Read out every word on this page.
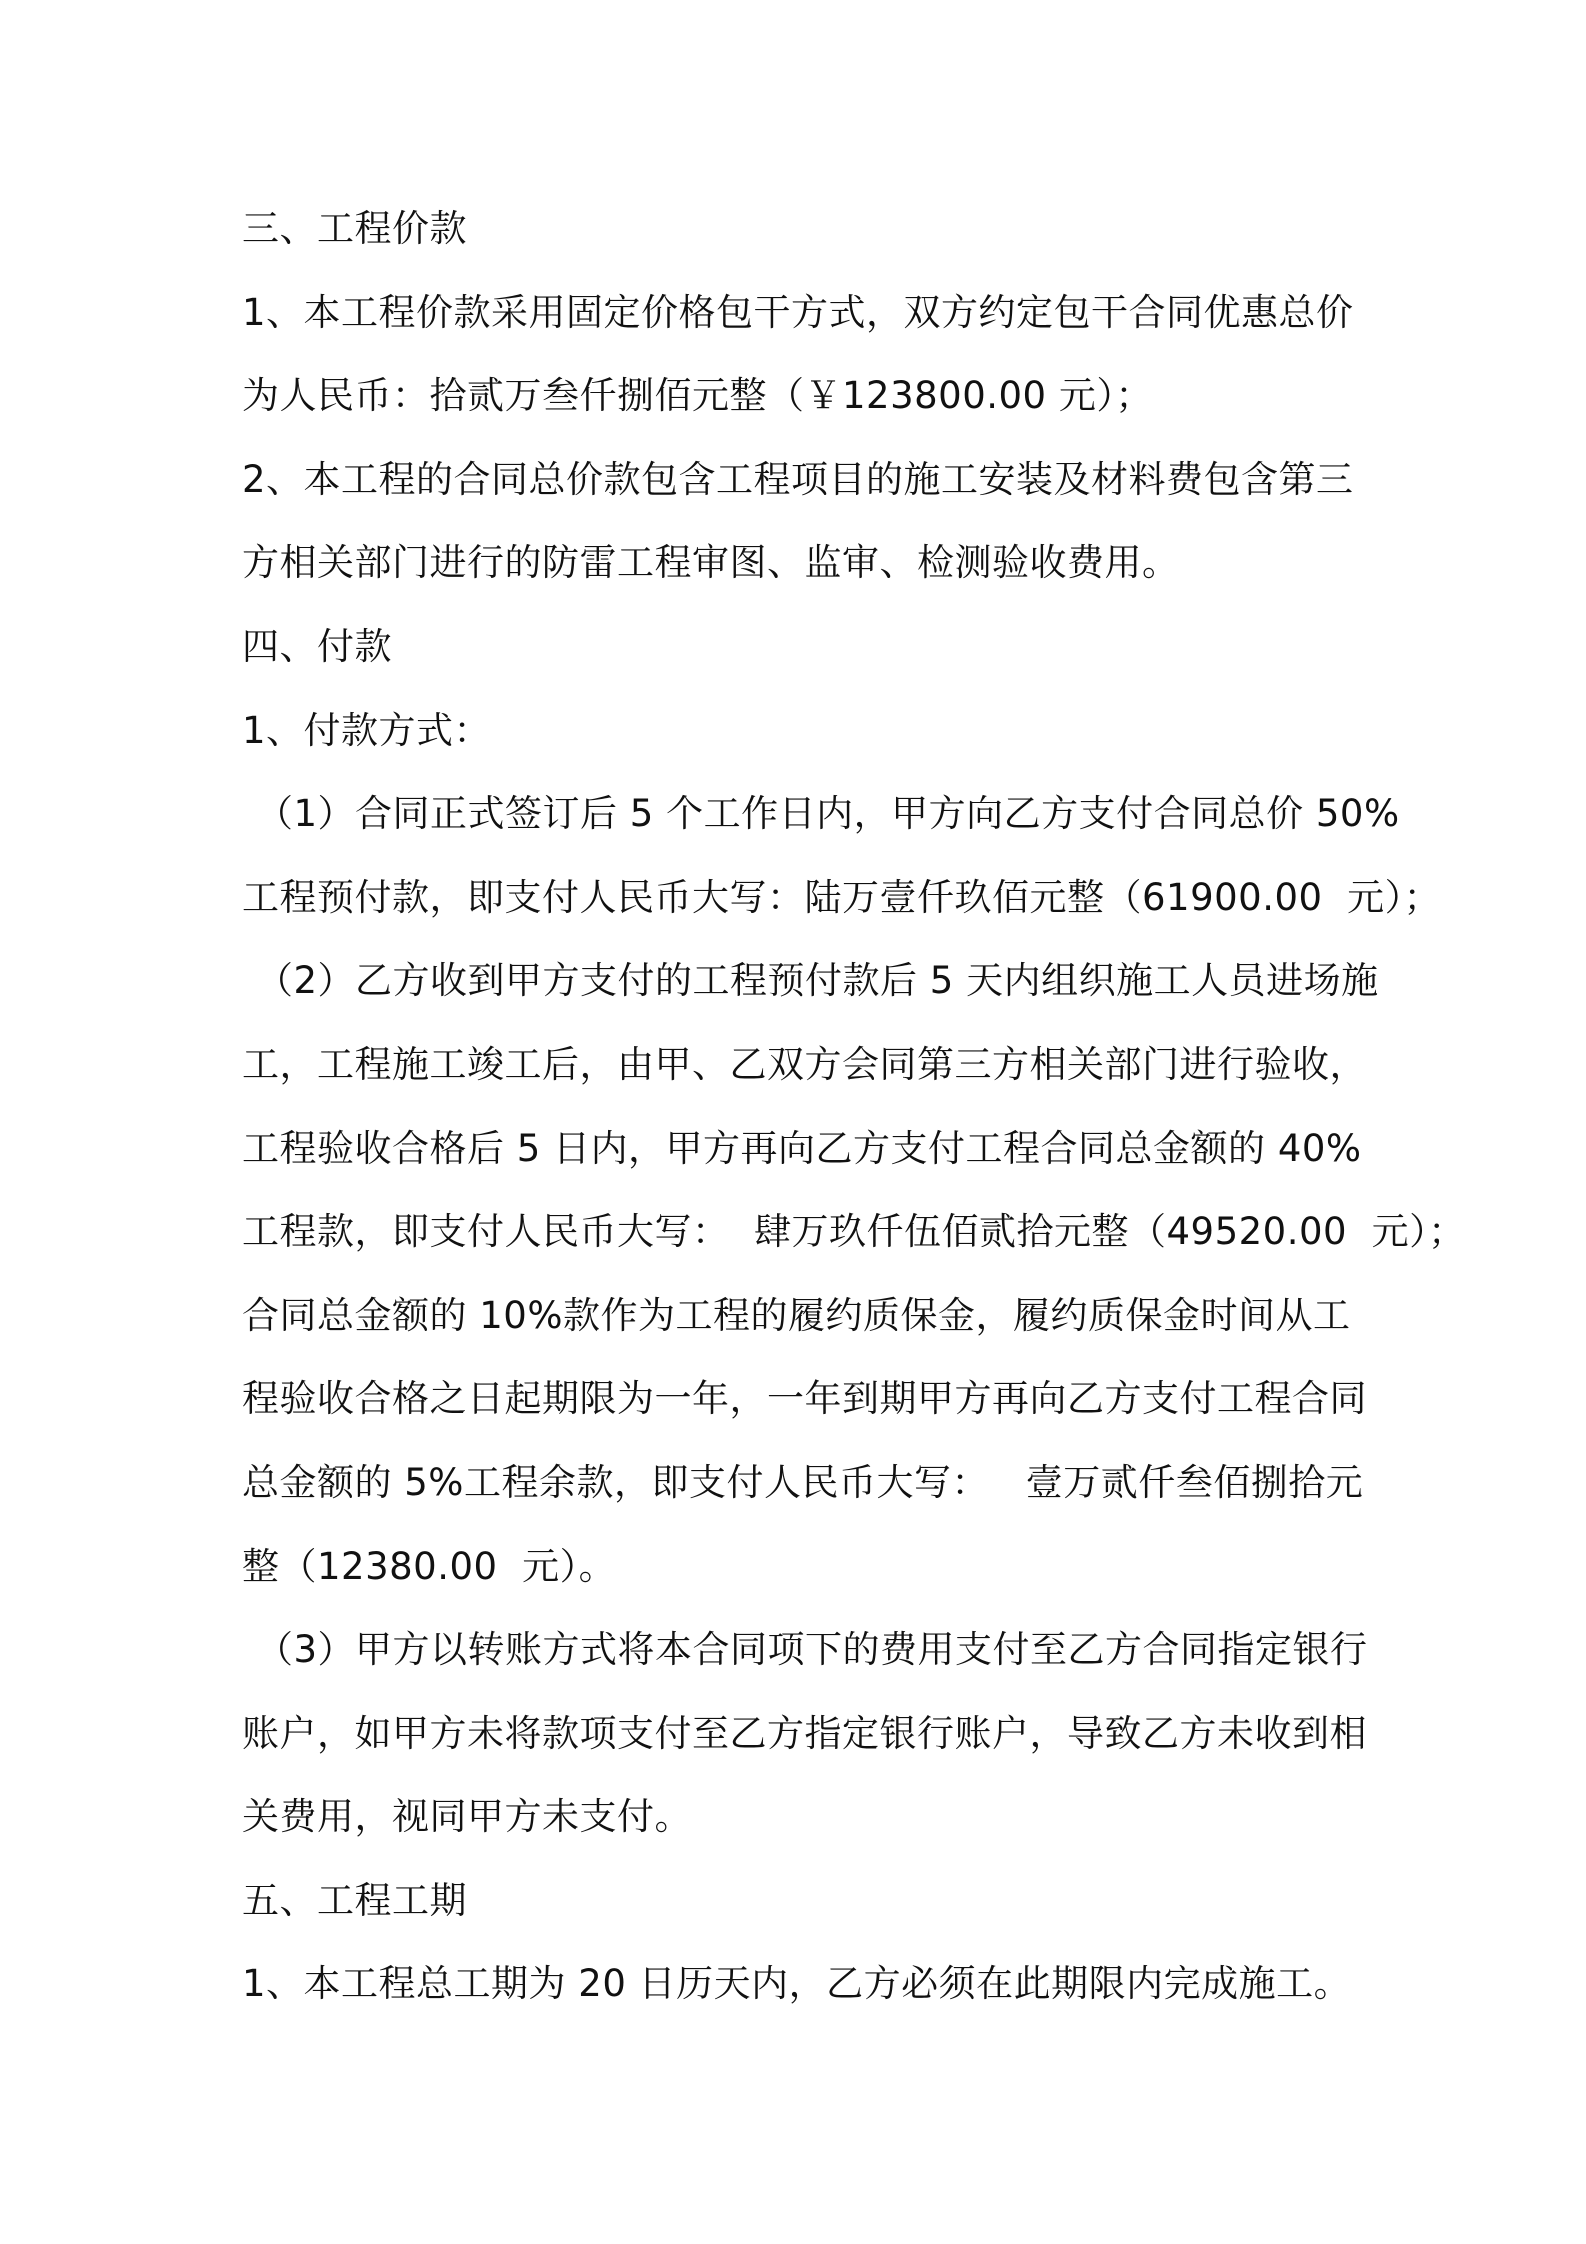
三、工程价款
1、本工程价款采用固定价格包干方式，双方约定包干合同优惠总价
为人民币：拾贰万叁仟捌佰元整（￥123800.00 元）；
2、本工程的合同总价款包含工程项目的施工安装及材料费包含第三
方相关部门进行的防雷工程审图、监审、检测验收费用。
四、付款
1、付款方式：
（1）合同正式签订后 5 个工作日内，甲方向乙方支付合同总价 50%
工程预付款，即支付人民币大写：陆万壹仟玖佰元整（61900.00  元）；
（2）乙方收到甲方支付的工程预付款后 5 天内组织施工人员进场施
工，工程施工竣工后，由甲、乙双方会同第三方相关部门进行验收，
工程验收合格后 5 日内，甲方再向乙方支付工程合同总金额的 40%
工程款，即支付人民币大写：  肆万玖仟伍佰贰拾元整（49520.00  元）；
合同总金额的 10%款作为工程的履约质保金，履约质保金时间从工
程验收合格之日起期限为一年，一年到期甲方再向乙方支付工程合同
总金额的 5%工程余款，即支付人民币大写：   壹万贰仟叁佰捌拾元
整（12380.00  元）。
（3）甲方以转账方式将本合同项下的费用支付至乙方合同指定银行
账户，如甲方未将款项支付至乙方指定银行账户，导致乙方未收到相
关费用，视同甲方未支付。
五、工程工期
1、本工程总工期为 20 日历天内，乙方必须在此期限内完成施工。
